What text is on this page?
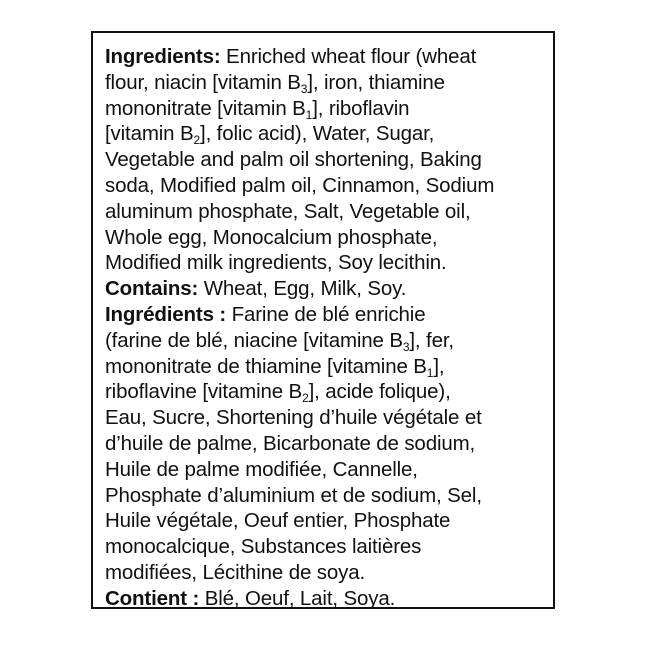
Ingredients: Enriched wheat flour (wheat
flour, niacin [vitamin $B_3$], iron, thiamine
mononitrate [vitamin $B_1$], riboflavin
[vitamin $B_2$], folic acid), Water, Sugar,
Vegetable and palm oil shortening, Baking
soda, Modified palm oil, Cinnamon, Sodium
aluminum phosphate, Salt, Vegetable oil,
Whole egg, Monocalcium phosphate,
Modified milk ingredients, Soy lecithin.
Contains: Wheat, Egg, Milk, Soy.
Ingrédients : Farine de blé enrichie
(farine de blé, niacine [vitamine $B_3$], fer,
mononitrate de thiamine [vitamine $B_1$],
riboflavine [vitamine $B_2$], acide folique),
Eau, Sucre, Shortening d’huile végétale et
d’huile de palme, Bicarbonate de sodium,
Huile de palme modifiée, Cannelle,
Phosphate d’aluminium et de sodium, Sel,
Huile végétale, Oeuf entier, Phosphate
monocalcique, Substances laitières
modifiées, Lécithine de soya.
Contient : Blé, Oeuf, Lait, Soya.
